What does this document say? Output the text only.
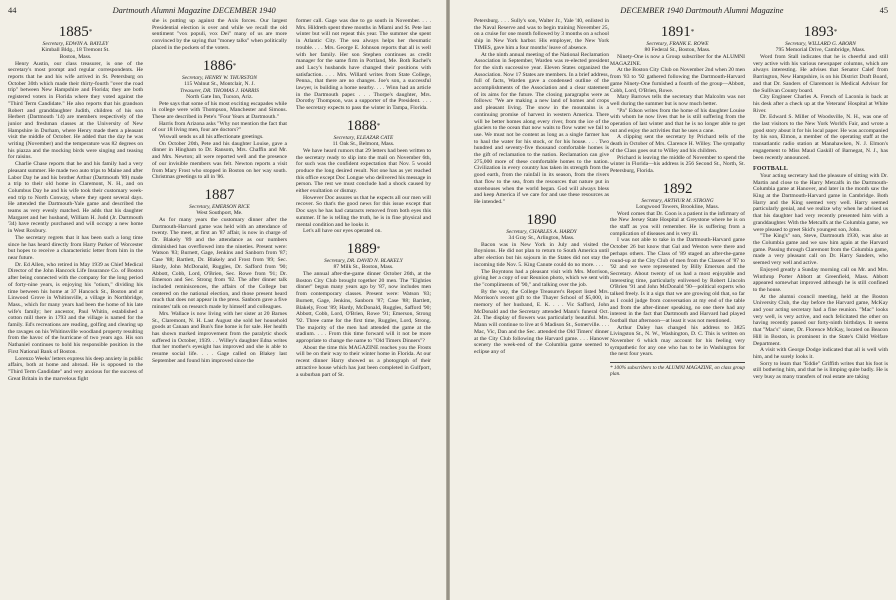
44	Dartmouth Alumni Magazine DECEMBER 1940

1885*

Secretary, EDWIN A. BAYLEY

Kimball Bldg., 18 Tremont St.

Boston, Mass.

Henry Austin, our class treasurer, is one of the secretary's most prompt and regular correspondents. He reports that he and his wife arrived in St. Petersburg on October 30th which made their thirty-fourth "over the road trip" between New Hampshire and Florida; they are both registered voters in Florida where they voted against the "Third Term Candidate." He also reports that his grandson Robert and granddaughter Judith, children of his son Herbert (Dartmouth '14) are members respectively of the junior and freshman classes at the University of New Hampshire in Durham, where Henry made them a pleasant visit the middle of October. He added that the day he was writing (November) and the temperature was 82 degrees on his piazza and the mocking birds were singing and teasing for raisins.

Charlie Chase reports that he and his family had a very pleasant summer. He made two auto trips to Maine and after Labor Day he and his brother Arthur (Dartmouth '89) made a trip to their old home in Claremont, N. H., and on Columbus Day he and his wife took their customary week-end trip to North Conway, where they spent several days. He attended the Dartmouth-Yale game and described the teams as very evenly matched. He adds that his daughter Margaret and her husband, William H. Judd (Jr. Dartmouth '34) have recently purchased and will occupy a new home in West Roxbury.

The secretary regrets that it has been such a long time since he has heard directly from Harry Parker of Worcester but hopes to receive a characteristic letter from him in the near future.

Dr. Ed Allen, who retired in May 1939 as Chief Medical Director of the John Hancock Life Insurance Co. of Boston after being connected with the company for the long period of forty-nine years, is enjoying his "otium," dividing his time between his home at 37 Hancock St., Boston and at Linwood Grove in Whitinsville, a village in Northbridge, Mass., which for many years had been the home of his late wife's family; her ancestor, Paul Whitin, established a cotton mill there in 1793 and the village is named for the family. Ed's recreations are reading, golfing and clearing up the ravages on his Whitinsville woodland property resulting from the havoc of the hurricane of two years ago. His son Nathaniel continues to hold his responsible position in the First National Bank of Boston.

Lorenzo Weeks' letters express his deep anxiety in public affairs, both at home and abroad. He is opposed to the "Third Term Candidate" and very anxious for the success of Great Britain in the marvelous fight

she is putting up against the Axis forces. Our largest Presidential election is over and while we recall the old sentiment "vox populi, vox Dei" many of us are more convinced by the saying that "money talks" when politically placed in the pockets of the voters.

1886*

Secretary, HENRY W. THURSTON

115 Walnut St., Montclair, N. J.

Treasurer, DR. THOMAS J. HARRIS

North Gate Inn, Tucson, Ariz.

Pete says that some of his most exciting escapades while in college were with Thompson, Manchester and Simons. These are described in Pete's "Four Years at Dartmouth."

Harris from Arizona asks "Why not mention the fact that of our 18 living men, four are doctors?"

Wiswall sends us all his affectionate greetings.

On October 20th, Pete and his daughter Louise, gave a dinner in Hingham to Dr. Ransom, Mrs. Chaffin and Mr. and Mrs. Newton; all were reported well and the presence of our invisible members was felt. Newton reports a visit from Mary Frost who stopped in Boston on her way south. Christmas greetings to all in '86.

1887

Secretary, EMERSON RICE

West Southport, Me.

As for many years the customary dinner after the Dartmouth-Harvard game was held with an attendance of twenty. The meet, at first an '87 affair, is now in charge of Dr. Blakely '89 and the attendance as our numbers diminished has overflowed into the nineties. Present were: Watson '83; Burnett, Gage, Jenkins and Sanborn from '87; Case '88; Bartlett, Dr. Blakely and Frost from '89; Sec. Hardy, John McDonald, Ruggles, Dr. Safford from '90; Abbott, Cobb, Lord, O'Brien, Sec. Rowe from '91; Dr. Emerson and Sec. Strong from '92. The after dinner talk included reminiscences, the affairs of the College but centered on the national election, and those present heard much that does not appear in the press. Sanborn gave a five minutes' talk on research made by himself and colleagues.

Mrs. Wallace is now living with her sister at 20 Barnes St., Claremont, N. H. Last August she sold her household goods at Canaan and Bun's fine home is for sale. Her health has shown marked improvement from the paralytic shock suffered in October, 1939. . . Willey's daughter Edna writes that her mother's eyesight has improved and she is able to resume social life. . . . Gage called on Blakey last September and found him improved since the

former call. Gage was due to go south in November. . . . Mrs. Hildreth spent three months in Miami and St. Pete last winter but will not repeat this year. The summer she spent in Atlantic City. The sea always helps her rheumatic trouble. . . . Mrs. George E. Johnson reports that all is well with her family. Her son Stephen continues as credit manager for the same firm in Portland, Me. Both Rachel's and Lucy's husbands have changed their positions with satisfaction. . . . Mrs. Willard writes from State College, Penna., that there are no changes. Joe's son, a successful lawyer, is building a home nearby. . . . Winn had an article in the Dartmouth paper. . . . Thorpe's daughter, Mrs. Dorothy Thompson, was a supporter of the President. . . . The secretary expects to pass the winter in Tampa, Florida.

1888*

Secretary, ELEAZAR CATE

11 Oak St., Belmont, Mass.

We have heard rumors that 29 letters had been written to the secretary ready to slip into the mail on November 6th, for such was the confident expectation that Nov. 5 would produce the long desired result. Not one has as yet reached this office except Doc Longue who delivered his message in person. The rest we must conclude had a shock caused by either exultation or dismay.

However Doc assures us that he expects all our men will recover. So that's the good news for this issue except that Doc says he has had cataracts removed from both eyes this summer. If he is telling the truth, he is in fine physical and mental condition and he looks it.

Let's all have our eyes operated on.

1889*

Secretary, DR. DAVID N. BLAKELY

87 Milk St., Boston, Mass.

The annual after-the-game dinner October 26th, at the Boston City Club brought together 20 men. The "Eighties dinner" begun many years ago by '87, now includes men from contemporary classes. Present were: Watson '83; Burnett, Gage, Jenkins, Sanborn '87; Case '88; Bartlett, Blakely, Frost '89; Hardy, McDonald, Ruggles, Safford '90; Abbott, Cobb, Lord, O'Brien, Rowe '91; Emerson, Strong '92. Three came for the first time, Ruggles, Lord, Strong. The majority of the men had attended the game at the stadium. . . . From this time forward will it not be more appropriate to change the name to "Old Timers Dinners"?

About the time this MAGAZINE reaches you the Frosts will be on their way to their winter home in Florida. At our recent dinner Harry showed us a photograph of their attractive house which has just been completed in Gulfport, a suburban part of St.

DECEMBER 1940 Dartmouth Alumni Magazine	45

Petersburg. . . . Sully's son, Walter Jr., Yale '40, enlisted in the Naval Reserve and was to begin training November 25, on a cruise for one month followed by 3 months on a school ship in New York harbor. His employer, the New York TIMES, gave him a four months' leave of absence.

At the ninth annual meeting of the National Reclamation Association in September, Warden was re-elected president for the sixth successive year. Eleven States organized the Association. Now 17 States are members. In a brief address, full of facts, Warden gave a condensed outline of the accomplishments of the Association and a clear statement of its aims for the future. The closing paragraphs were as follows: "We are making a new land of homes and crops and pleasant living. The snow in the mountains is a continuing promise of harvest in western America. There will be better homes along every river, from the ice of the glaciers to the ocean that now waits to flow water we fail to use. We must not be content as long as a single farmer has to haul the water for his stock, or for his house. . . . Two hundred and seventy-five thousand comfortable homes is the gift of reclamation to the nation. Reclamation can give 275,000 more of these comfortable homes to the nation. Civilization in every country has taken its strength from the good earth, from the rainfall in its season, from the rivers that flow to the sea, from the resources that nature put in storehouses when the world began. God will always bless and keep America if we care for and use these resources as He intended."

1890

Secretary, CHARLES A. HARDY

34 Gray St., Arlington, Mass.

Bacon was in New York in July and visited the Boynions. He did not plan to return to South America until after election but his sojourn in the States did not stay the incoming tide Nov. 5. King Canute could do no more. . . .

The Boyntons had a pleasant visit with Mrs. Morrison, giving her a copy of our Reunion photo, which we sent with the "compliments of '90," and talking over the job.

By the way, the College Treasurer's Report listed Mrs. Morrison's recent gift to the Thayer School of $5,000, in memory of her husband, E. K. . . . Vic Safford, John McDonald and the Secretary attended Mann's funeral Oct. 24. The display of flowers was particularly beautiful. Mrs. Mann will continue to live at 6 Madison St., Somerville. . . . Mac, Vic, Dan and the Sec. attended the Old Timers' dinner at the City Club following the Harvard game. . . . Hanover scenery the week-end of the Columbia game seemed to eclipse any of

1891*

Secretary, FRANK E. ROWE

80 Federal St., Boston, Mass.

Ninety-One is now a Group subscriber for the ALUMNI MAGAZINE.

At the Boston City Club on November 2nd when 20 men from '83 to '92 gathered following the Dartmouth-Harvard game Ninety-One furnished a fourth of the group—Abbott, Cobb, Lord, O'Brien, Rowe.

Mary Barrows tells the secretary that Malcolm was not well during the summer but is now much better.

"Pa" Edson writes from the home of his daughter Louise with whom he now lives that he is still suffering from the operation of last winter and that he is no longer able to get out and enjoy the activities that he uses a cane.

A clipping sent the secretary by Prichard tells of the death in October of Mrs. Clarence H. Willey. The sympathy of the Class goes out to Willey and his children.

Prichard is leaving the middle of November to spend the winter in Florida—his address is 256 Second St., North, St. Petersburg, Florida.

1892

Secretary, ARTHUR M. STRONG

Longwood Towers, Brookline, Mass.

Word comes that Dr. Coon is a patient in the infirmary of the New Jersey State Hospital at Greystone where he is on the staff as you will remember. He is suffering from a complication of diseases and is very ill.

I was not able to take in the Dartmouth-Harvard game October 26 but know that Gal and Weston were there and perhaps others. The Class of '89 staged an after-the-game round-up at the City Club of men from the Classes of '87 to '92 and we were represented by Billy Emerson and the Secretary. About twenty of us had a most enjoyable and interesting time, particularly enlivened by Robert Lincoln O'Brien '91 and John McDonald '90—political experts who talked freely. Is it a sign that we are growing old that, so far as I could judge from conversation at my end of the table and from the after-dinner speaking, no one there had any interest in the fact that Dartmouth and Harvard had played football that afternoon—at least it was not mentioned.

Arthur Daley has changed his address to 3825 Livingston St., N. W., Washington, D. C. This is written on November 6 which may account for his feeling very sympathetic for any one who has to be in Washington for the next four years.

* 100% subscribers to the ALUMNI MAGAZINE, on class group plan.

1893*

Secretary, WILLARD G. ABORN

795 Memorial Drive, Cambridge, Mass.

Word from Stall indicates that he is cheerful and still very active with his various newspaper columns, which are always interesting. He advises that Senator Calef from Barrington, New Hampshire, is on his District Draft Board, and that Dr. Sanders of Claremont is Medical Advisor for the Sullivan County board.

City Engineer Charles A. French of Laconia is back at his desk after a check up at the Veterans' Hospital at White River.

Dr. Edward S. Miller of Woodsville, N. H., was one of the last visitors to the New York World's Fair, and wrote a good story about it for his local paper. He was accompanied by his son, Elmon, a member of the operating staff at the transatlantic radio station at Manahawken, N. J. Elmon's engagement to Miss Maud Gaskill of Barnegat, N. J., has been recently announced.

FOOTBALL

Your acting secretary had the pleasure of sitting with Dr. Martin and close to the Harry Metcalfs in the Dartmouth-Columbia game at Hanover, and later in the month saw the King at the Dartmouth-Harvard game in Cambridge. Both Harry and the King seemed very well. Harry seemed particularly genial, and we realize why when he advised us that his daughter had very recently presented him with a granddaughter. With the Metcalfs at the Columbia game, we were pleased to greet Skid's youngest son, John.

"The King's" son, Steve, Dartmouth 1930, was also at the Columbia game and we saw him again at the Harvard game. Passing through Claremont from the Columbia game, made a very pleasant call on Dr. Harry Sanders, who seemed very well and active.

Enjoyed greatly a Sunday morning call on Mr. and Mrs. Winthrop Porter Abbott at Greenfield, Mass. Abbott appeared somewhat improved although he is still confined to the house.

At the alumni council meeting, held at the Boston University Club, the day before the Harvard game, McKay and your acting secretary had a fine reunion. "Mac" looks very well, is very active, and each felicitated the other on having recently passed our forty-ninth birthdays. It seems that "Mac's" sister, Dr. Florence McKay, located on Beacon Hill in Boston, is prominent in the State's Child Welfare Department.

A visit with George Dodge indicated that all is well with him, and he surely looks it.

Sorry to learn that "Eddie" Griffith writes that his foot is still bothering him, and that he is limping quite badly. He is very busy as many transfers of real estate are taking
